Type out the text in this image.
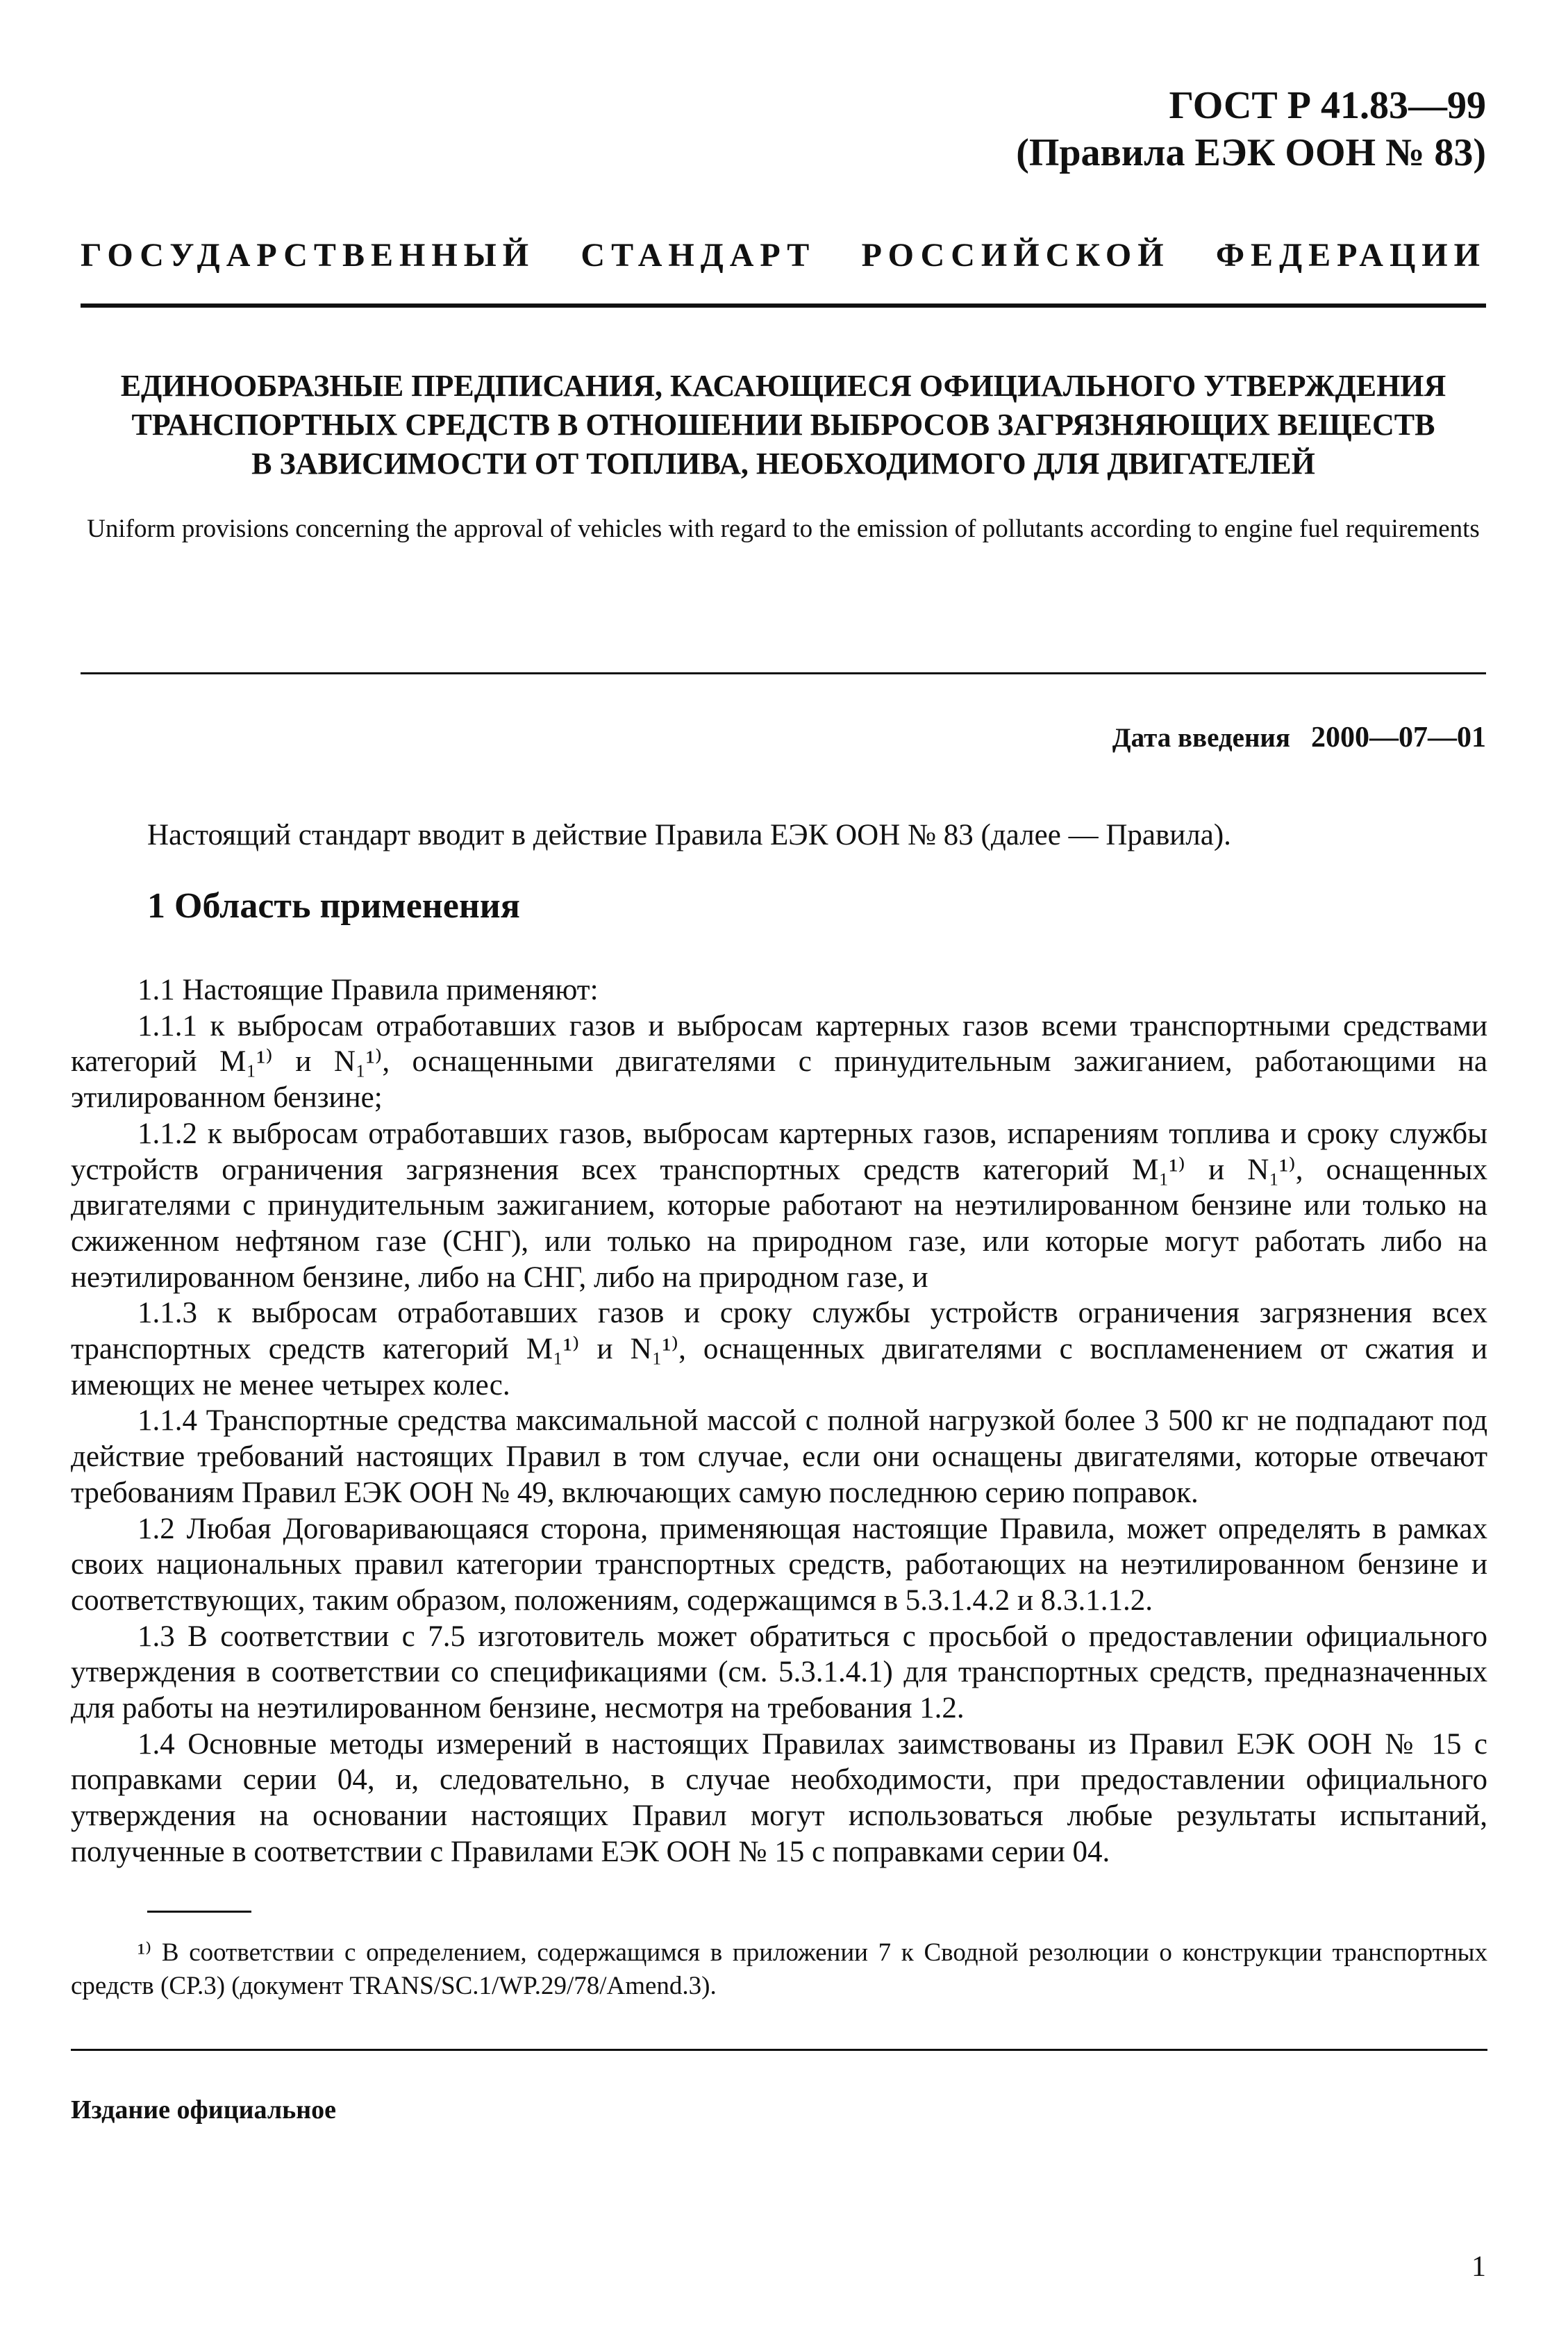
ГОСТ Р 41.83—99
(Правила ЕЭК ООН № 83)
ГОСУДАРСТВЕННЫЙ СТАНДАРТ РОССИЙСКОЙ ФЕДЕРАЦИИ
ЕДИНООБРАЗНЫЕ ПРЕДПИСАНИЯ, КАСАЮЩИЕСЯ ОФИЦИАЛЬНОГО УТВЕРЖДЕНИЯ
ТРАНСПОРТНЫХ СРЕДСТВ В ОТНОШЕНИИ ВЫБРОСОВ ЗАГРЯЗНЯЮЩИХ ВЕЩЕСТВ
В ЗАВИСИМОСТИ ОТ ТОПЛИВА, НЕОБХОДИМОГО ДЛЯ ДВИГАТЕЛЕЙ
Uniform provisions concerning the approval of vehicles with regard to the emission of pollutants according to engine fuel requirements
Дата введения 2000—07—01
Настоящий стандарт вводит в действие Правила ЕЭК ООН № 83 (далее — Правила).
1 Область применения

1.1 Настоящие Правила применяют:

1.1.1 к выбросам отработавших газов и выбросам картерных газов всеми транспортными средствами категорий M₁¹⁾ и N₁¹⁾, оснащенными двигателями с принудительным зажиганием, работающими на этилированном бензине;

1.1.2 к выбросам отработавших газов, выбросам картерных газов, испарениям топлива и сроку службы устройств ограничения загрязнения всех транспортных средств категорий M₁¹⁾ и N₁¹⁾, оснащенных двигателями с принудительным зажиганием, которые работают на неэтилированном бензине или только на сжиженном нефтяном газе (СНГ), или только на природном газе, или которые могут работать либо на неэтилированном бензине, либо на СНГ, либо на природном газе, и

1.1.3 к выбросам отработавших газов и сроку службы устройств ограничения загрязнения всех транспортных средств категорий M₁¹⁾ и N₁¹⁾, оснащенных двигателями с воспламенением от сжатия и имеющих не менее четырех колес.

1.1.4 Транспортные средства максимальной массой с полной нагрузкой более 3 500 кг не подпадают под действие требований настоящих Правил в том случае, если они оснащены двигателями, которые отвечают требованиям Правил ЕЭК ООН № 49, включающих самую последнюю серию поправок.

1.2 Любая Договаривающаяся сторона, применяющая настоящие Правила, может определять в рамках своих национальных правил категории транспортных средств, работающих на неэтилированном бензине и соответствующих, таким образом, положениям, содержащимся в 5.3.1.4.2 и 8.3.1.1.2.

1.3 В соответствии с 7.5 изготовитель может обратиться с просьбой о предоставлении официального утверждения в соответствии со спецификациями (см. 5.3.1.4.1) для транспортных средств, предназначенных для работы на неэтилированном бензине, несмотря на требования 1.2.

1.4 Основные методы измерений в настоящих Правилах заимствованы из Правил ЕЭК ООН № 15 с поправками серии 04, и, следовательно, в случае необходимости, при предоставлении официального утверждения на основании настоящих Правил могут использоваться любые результаты испытаний, полученные в соответствии с Правилами ЕЭК ООН № 15 с поправками серии 04.

¹⁾ В соответствии с определением, содержащимся в приложении 7 к Сводной резолюции о конструкции транспортных средств (СР.3) (документ TRANS/SC.1/WP.29/78/Amend.3).
Издание официальное
1
